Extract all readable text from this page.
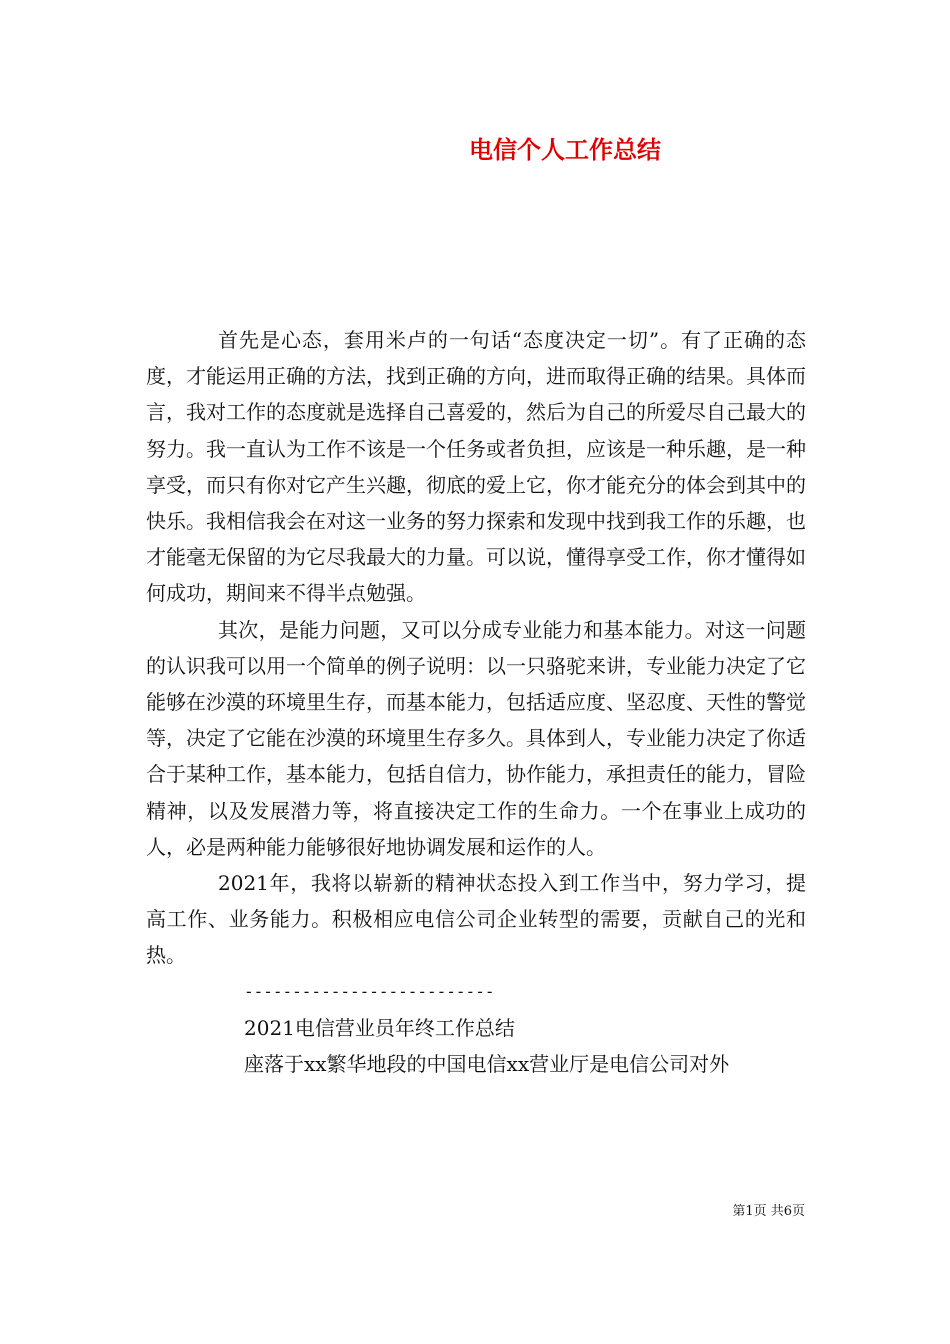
电信个人工作总结

首先是心态，套用米卢的一句话“态度决定一切”。有了正确的态度，才能运用正确的方法，找到正确的方向，进而取得正确的结果。具体而言，我对工作的态度就是选择自己喜爱的，然后为自己的所爱尽自己最大的努力。我一直认为工作不该是一个任务或者负担，应该是一种乐趣，是一种享受，而只有你对它产生兴趣，彻底的爱上它，你才能充分的体会到其中的快乐。我相信我会在对这一业务的努力探索和发现中找到我工作的乐趣，也才能毫无保留的为它尽我最大的力量。可以说，懂得享受工作，你才懂得如何成功，期间来不得半点勉强。

其次，是能力问题，又可以分成专业能力和基本能力。对这一问题的认识我可以用一个简单的例子说明：以一只骆驼来讲，专业能力决定了它能够在沙漠的环境里生存，而基本能力，包括适应度、坚忍度、天性的警觉等，决定了它能在沙漠的环境里生存多久。具体到人，专业能力决定了你适合于某种工作，基本能力，包括自信力，协作能力，承担责任的能力，冒险精神，以及发展潜力等，将直接决定工作的生命力。一个在事业上成功的人，必是两种能力能够很好地协调发展和运作的人。

2021年，我将以崭新的精神状态投入到工作当中，努力学习，提高工作、业务能力。积极相应电信公司企业转型的需要，贡献自己的光和热。

--------------------------

2021电信营业员年终工作总结

座落于xx繁华地段的中国电信xx营业厅是电信公司对外

第1页 共6页
